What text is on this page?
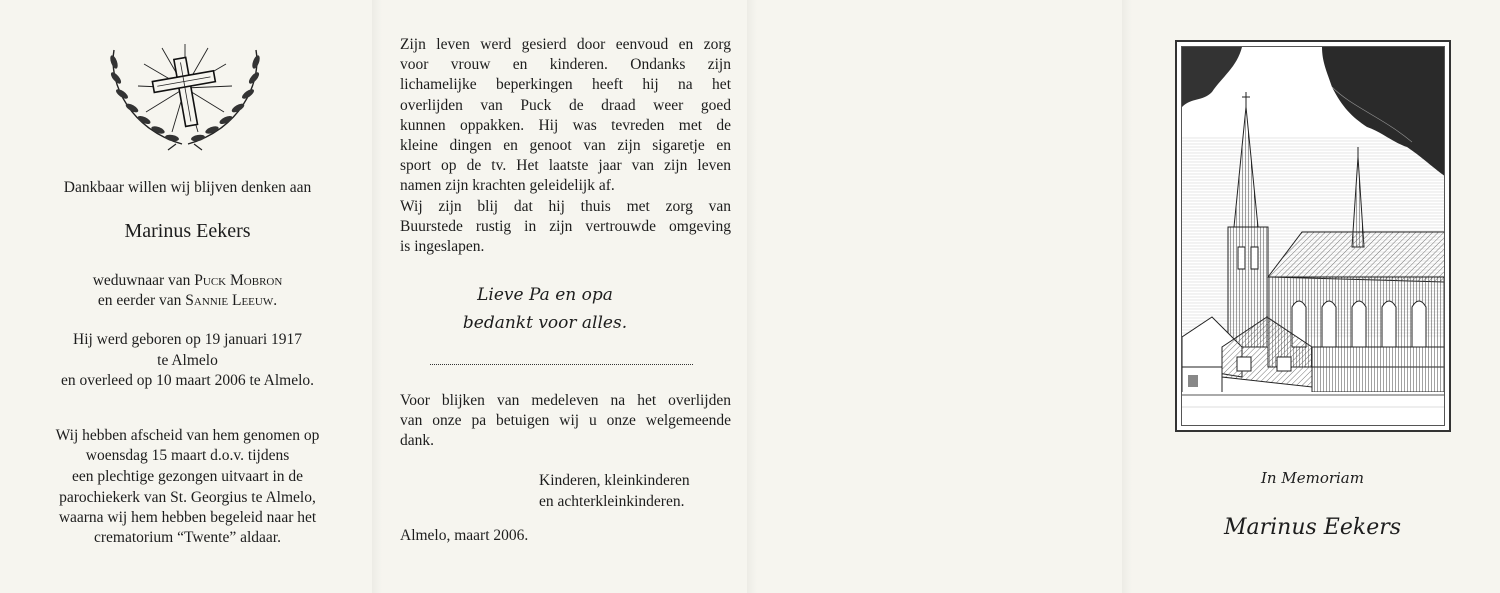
Dankbaar willen wij blijven denken aan
Marinus Eekers
weduwnaar van Puck Mobron
en eerder van Sannie Leeuw.
Hij werd geboren op 19 januari 1917
te Almelo
en overleed op 10 maart 2006 te Almelo.
Wij hebben afscheid van hem genomen op
woensdag 15 maart d.o.v. tijdens
een plechtige gezongen uitvaart in de
parochiekerk van St. Georgius te Almelo,
waarna wij hem hebben begeleid naar het
crematorium “Twente” aldaar.
Zijn leven werd gesierd door eenvoud en zorg
voor vrouw en kinderen. Ondanks zijn
lichamelijke beperkingen heeft hij na het
overlijden van Puck de draad weer goed
kunnen oppakken. Hij was tevreden met de
kleine dingen en genoot van zijn sigaretje en
sport op de tv. Het laatste jaar van zijn leven
namen zijn krachten geleidelijk af.
Wij zijn blij dat hij thuis met zorg van
Buurstede rustig in zijn vertrouwde omgeving
is ingeslapen.
Lieve Pa en opa
bedankt voor alles.
Voor blijken van medeleven na het overlijden
van onze pa betuigen wij u onze welgemeende
dank.
Kinderen, kleinkinderen
en achterkleinkinderen.
Almelo, maart 2006.
In Memoriam
Marinus Eekers
